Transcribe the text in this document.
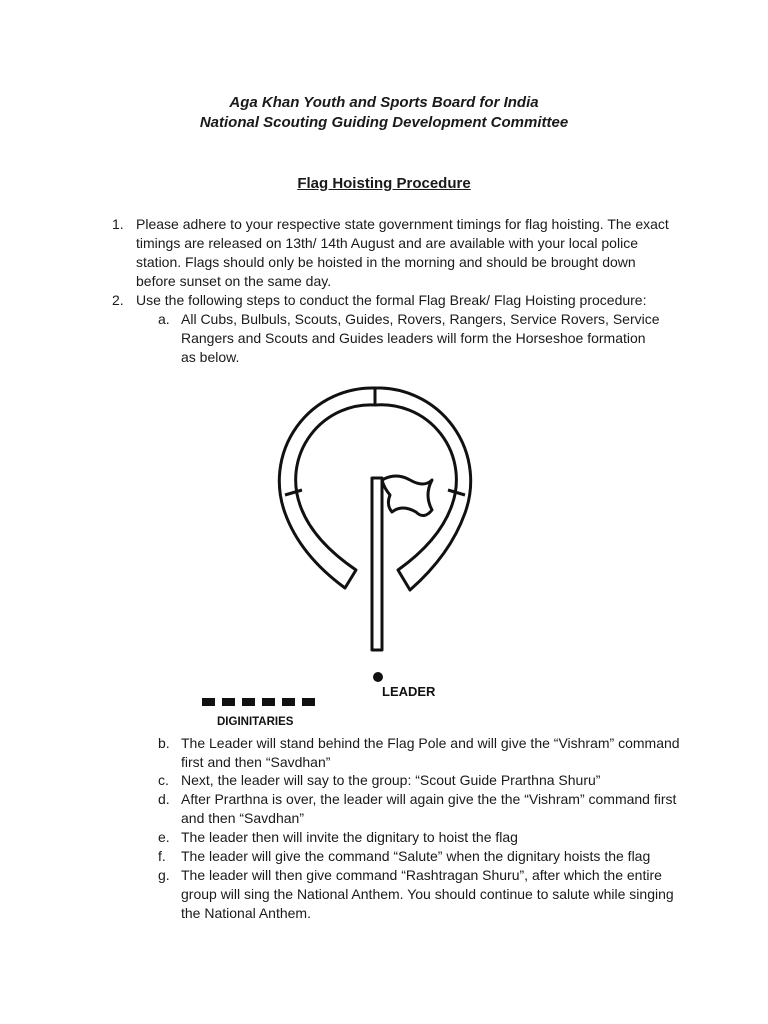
Aga Khan Youth and Sports Board for India
National Scouting Guiding Development Committee
Flag Hoisting Procedure
1. Please adhere to your respective state government timings for flag hoisting. The exact timings are released on 13th/ 14th August and are available with your local police station. Flags should only be hoisted in the morning and should be brought down before sunset on the same day.
2. Use the following steps to conduct the formal Flag Break/ Flag Hoisting procedure:
a. All Cubs, Bulbuls, Scouts, Guides, Rovers, Rangers, Service Rovers, Service Rangers and Scouts and Guides leaders will form the Horseshoe formation as below.
LEADER
DIGINITARIES
b. The Leader will stand behind the Flag Pole and will give the “Vishram” command first and then “Savdhan”
c. Next, the leader will say to the group: “Scout Guide Prarthna Shuru”
d. After Prarthna is over, the leader will again give the the “Vishram” command first and then “Savdhan”
e. The leader then will invite the dignitary to hoist the flag
f. The leader will give the command “Salute” when the dignitary hoists the flag
g. The leader will then give command “Rashtragan Shuru”, after which the entire group will sing the National Anthem. You should continue to salute while singing the National Anthem.
